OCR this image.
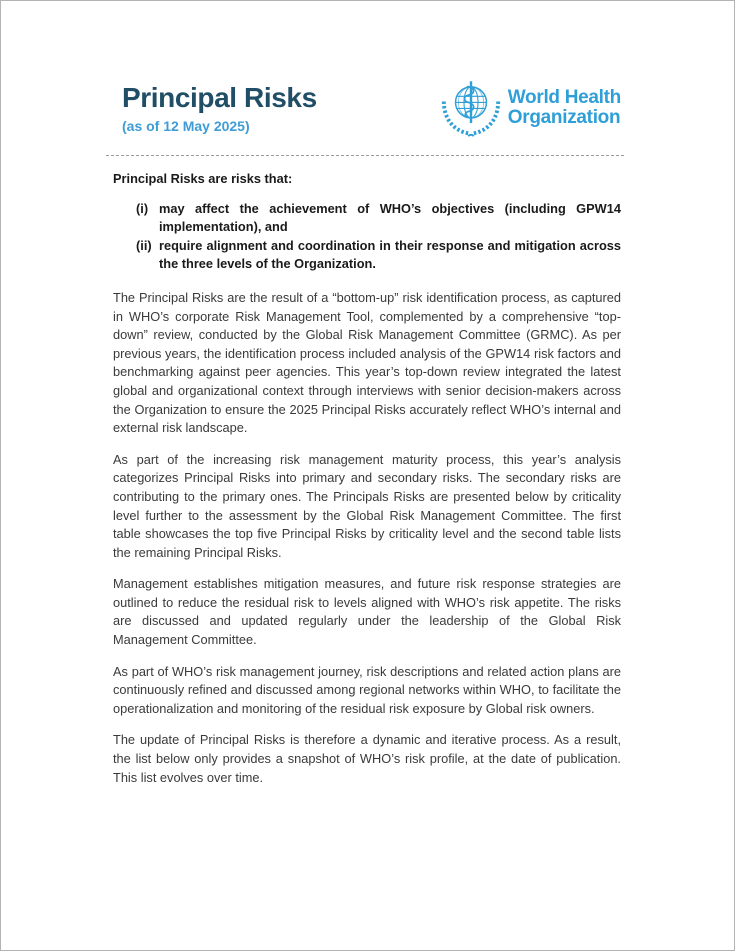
Principal Risks
(as of 12 May 2025)
World Health
Organization

Principal Risks are risks that:

(i) may affect the achievement of WHO’s objectives (including GPW14 implementation), and
(ii) require alignment and coordination in their response and mitigation across the three levels of the Organization.

The Principal Risks are the result of a “bottom-up” risk identification process, as captured in WHO’s corporate Risk Management Tool, complemented by a comprehensive “top-down” review, conducted by the Global Risk Management Committee (GRMC). As per previous years, the identification process included analysis of the GPW14 risk factors and benchmarking against peer agencies. This year’s top-down review integrated the latest global and organizational context through interviews with senior decision-makers across the Organization to ensure the 2025 Principal Risks accurately reflect WHO’s internal and external risk landscape.

As part of the increasing risk management maturity process, this year’s analysis categorizes Principal Risks into primary and secondary risks. The secondary risks are contributing to the primary ones. The Principals Risks are presented below by criticality level further to the assessment by the Global Risk Management Committee. The first table showcases the top five Principal Risks by criticality level and the second table lists the remaining Principal Risks.

Management establishes mitigation measures, and future risk response strategies are outlined to reduce the residual risk to levels aligned with WHO’s risk appetite. The risks are discussed and updated regularly under the leadership of the Global Risk Management Committee.

As part of WHO’s risk management journey, risk descriptions and related action plans are continuously refined and discussed among regional networks within WHO, to facilitate the operationalization and monitoring of the residual risk exposure by Global risk owners.

The update of Principal Risks is therefore a dynamic and iterative process. As a result, the list below only provides a snapshot of WHO’s risk profile, at the date of publication. This list evolves over time.
